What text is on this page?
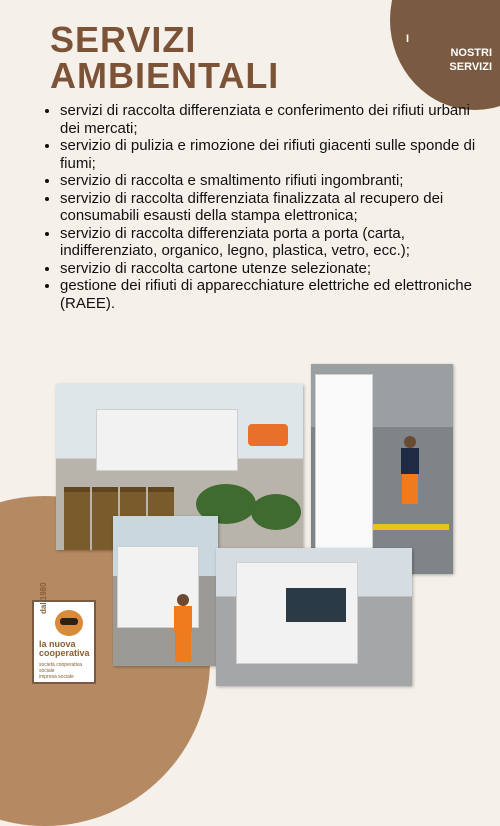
I
NOSTRI
SERVIZI
SERVIZI
AMBIENTALI
• servizi di raccolta differenziata e conferimento dei rifiuti urbani dei mercati;
• servizio di pulizia e rimozione dei rifiuti giacenti sulle sponde di fiumi;
• servizio di raccolta e smaltimento rifiuti ingombranti;
• servizio di raccolta differenziata finalizzata al recupero dei consumabili esausti della stampa elettronica;
• servizio di raccolta differenziata porta a porta (carta, indifferenziato, organico, legno, plastica, vetro, ecc.);
• servizio di raccolta cartone utenze selezionate;
• gestione dei rifiuti di apparecchiature elettriche ed elettroniche (RAEE).
dal 1980
la nuova
cooperativa
società cooperativa sociale
impresa sociale
